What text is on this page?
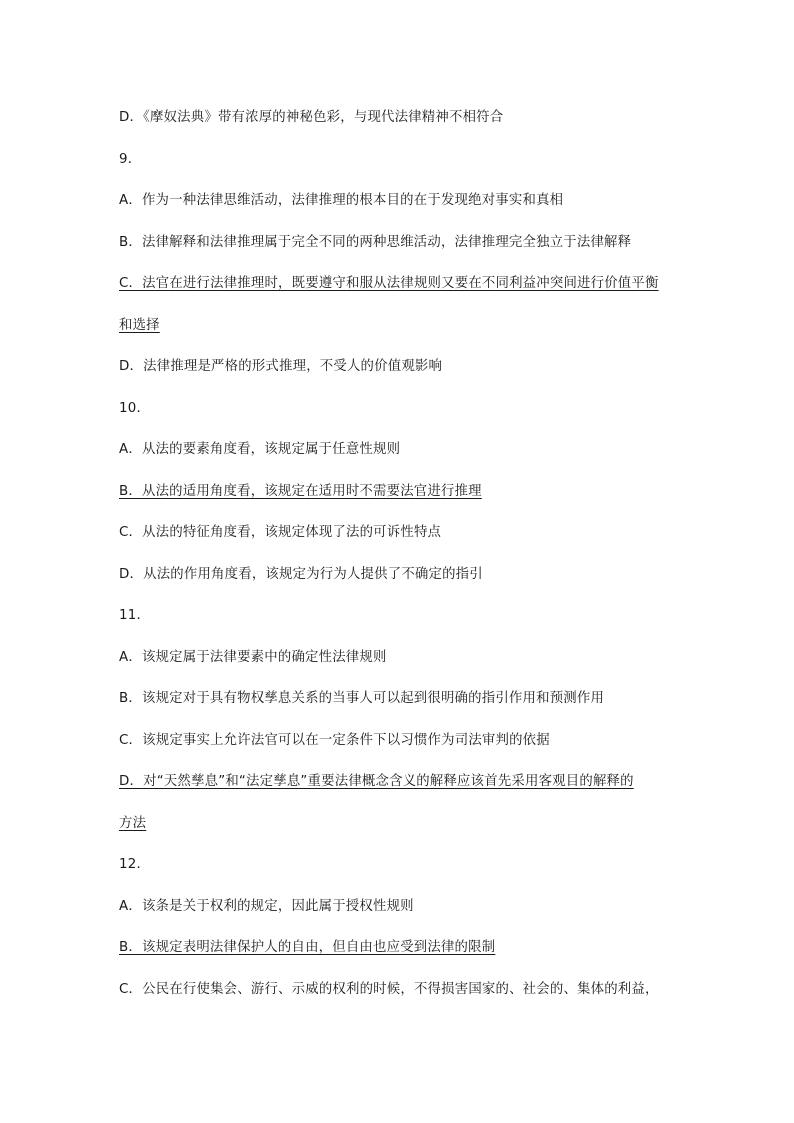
D．《摩奴法典》带有浓厚的神秘色彩，与现代法律精神不相符合
9．
A．作为一种法律思维活动，法律推理的根本目的在于发现绝对事实和真相
B．法律解释和法律推理属于完全不同的两种思维活动，法律推理完全独立于法律解释
C．法官在进行法律推理时，既要遵守和服从法律规则又要在不同利益冲突间进行价值平衡
和选择
D．法律推理是严格的形式推理，不受人的价值观影响
10．
A．从法的要素角度看，该规定属于任意性规则
B．从法的适用角度看，该规定在适用时不需要法官进行推理
C．从法的特征角度看，该规定体现了法的可诉性特点
D．从法的作用角度看，该规定为行为人提供了不确定的指引
11．
A．该规定属于法律要素中的确定性法律规则
B．该规定对于具有物权孳息关系的当事人可以起到很明确的指引作用和预测作用
C．该规定事实上允许法官可以在一定条件下以习惯作为司法审判的依据
D．对“天然孳息”和“法定孳息”重要法律概念含义的解释应该首先采用客观目的解释的
方法
12．
A．该条是关于权利的规定，因此属于授权性规则
B．该规定表明法律保护人的自由，但自由也应受到法律的限制
C．公民在行使集会、游行、示威的权利的时候，不得损害国家的、社会的、集体的利益，
